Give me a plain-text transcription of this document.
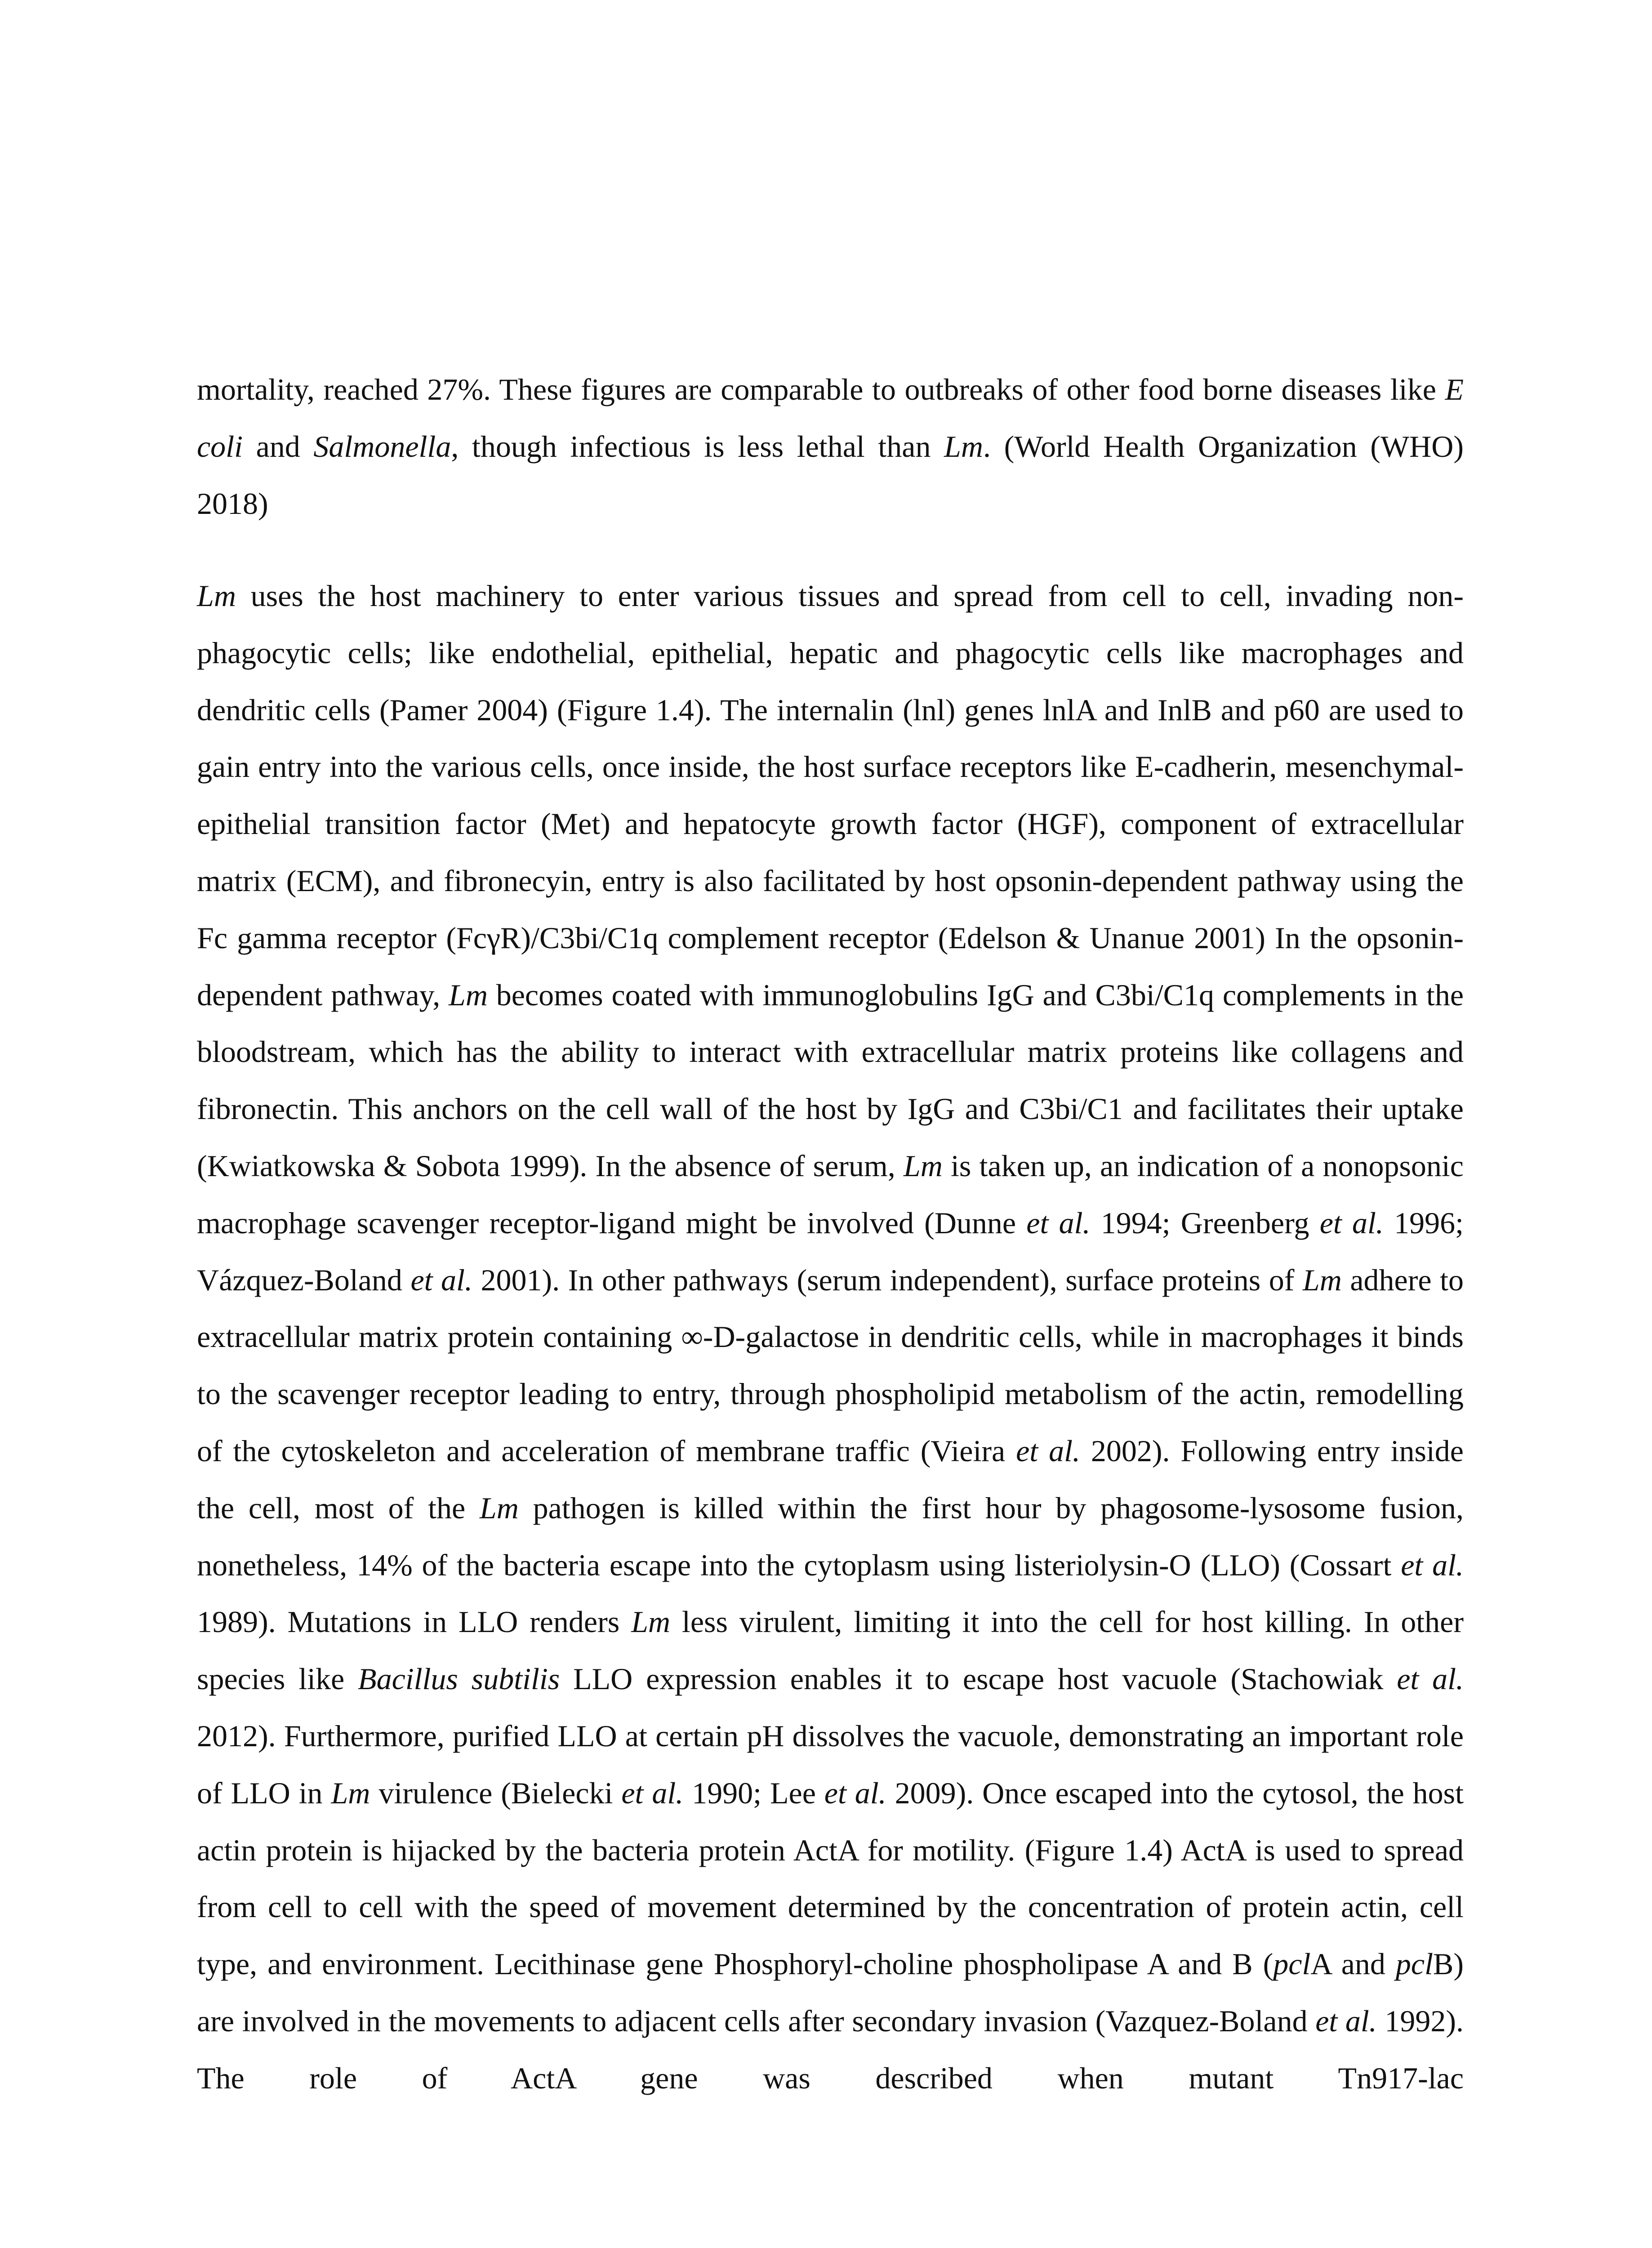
mortality, reached 27%. These figures are comparable to outbreaks of other food borne diseases like E coli and Salmonella, though infectious is less lethal than Lm. (World Health Organization (WHO) 2018)

Lm uses the host machinery to enter various tissues and spread from cell to cell, invading non-phagocytic cells; like endothelial, epithelial, hepatic and phagocytic cells like macrophages and dendritic cells (Pamer 2004) (Figure 1.4). The internalin (lnl) genes lnlA and InlB and p60 are used to gain entry into the various cells, once inside, the host surface receptors like E-cadherin, mesenchymal-epithelial transition factor (Met) and hepatocyte growth factor (HGF), component of extracellular matrix (ECM), and fibronecyin, entry is also facilitated by host opsonin-dependent pathway using the Fc gamma receptor (FcγR)/C3bi/C1q complement receptor (Edelson & Unanue 2001) In the opsonin-dependent pathway, Lm becomes coated with immunoglobulins IgG and C3bi/C1q complements in the bloodstream, which has the ability to interact with extracellular matrix proteins like collagens and fibronectin. This anchors on the cell wall of the host by IgG and C3bi/C1 and facilitates their uptake (Kwiatkowska & Sobota 1999). In the absence of serum, Lm is taken up, an indication of a nonopsonic macrophage scavenger receptor-ligand might be involved (Dunne et al. 1994; Greenberg et al. 1996; Vázquez-Boland et al. 2001). In other pathways (serum independent), surface proteins of Lm adhere to extracellular matrix protein containing ∞-D-galactose in dendritic cells, while in macrophages it binds to the scavenger receptor leading to entry, through phospholipid metabolism of the actin, remodelling of the cytoskeleton and acceleration of membrane traffic (Vieira et al. 2002). Following entry inside the cell, most of the Lm pathogen is killed within the first hour by phagosome-lysosome fusion, nonetheless, 14% of the bacteria escape into the cytoplasm using listeriolysin-O (LLO) (Cossart et al. 1989). Mutations in LLO renders Lm less virulent, limiting it into the cell for host killing. In other species like Bacillus subtilis LLO expression enables it to escape host vacuole (Stachowiak et al. 2012). Furthermore, purified LLO at certain pH dissolves the vacuole, demonstrating an important role of LLO in Lm virulence (Bielecki et al. 1990; Lee et al. 2009). Once escaped into the cytosol, the host actin protein is hijacked by the bacteria protein ActA for motility. (Figure 1.4) ActA is used to spread from cell to cell with the speed of movement determined by the concentration of protein actin, cell type, and environment. Lecithinase gene Phosphoryl-choline phospholipase A and B (pclA and pclB) are involved in the movements to adjacent cells after secondary invasion (Vazquez-Boland et al. 1992). The role of ActA gene was described when mutant Tn917-lac
